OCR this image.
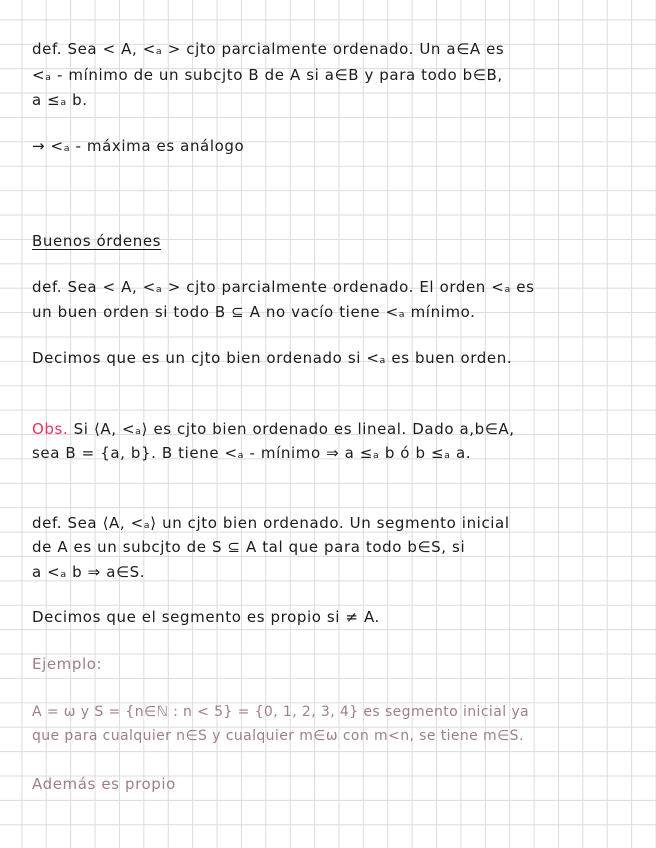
def. Sea < A, <ₐ > cjto parcialmente ordenado. Un a∈A es
<ₐ - mínimo de un subcjto B de A si a∈B y para todo b∈B,
a ≤ₐ b.
→ <ₐ - máxima es análogo
Buenos órdenes
def. Sea < A, <ₐ > cjto parcialmente ordenado. El orden <ₐ es
un buen orden si todo B ⊆ A no vacío tiene <ₐ mínimo.
Decimos que es un cjto bien ordenado si <ₐ es buen orden.
Obs. Si ⟨A, <ₐ⟩ es cjto bien ordenado es lineal. Dado a,b∈A,
sea B = {a, b}. B tiene <ₐ - mínimo ⇒ a ≤ₐ b ó b ≤ₐ a.
def. Sea ⟨A, <ₐ⟩ un cjto bien ordenado. Un segmento inicial
de A es un subcjto de S ⊆ A tal que para todo b∈S, si
a <ₐ b ⇒ a∈S.
Decimos que el segmento es propio si ≠ A.
Ejemplo:
A = ω y S = {n∈ℕ : n < 5} = {0, 1, 2, 3, 4} es segmento inicial ya
que para cualquier n∈S y cualquier m∈ω con m<n, se tiene m∈S.
Además es propio
